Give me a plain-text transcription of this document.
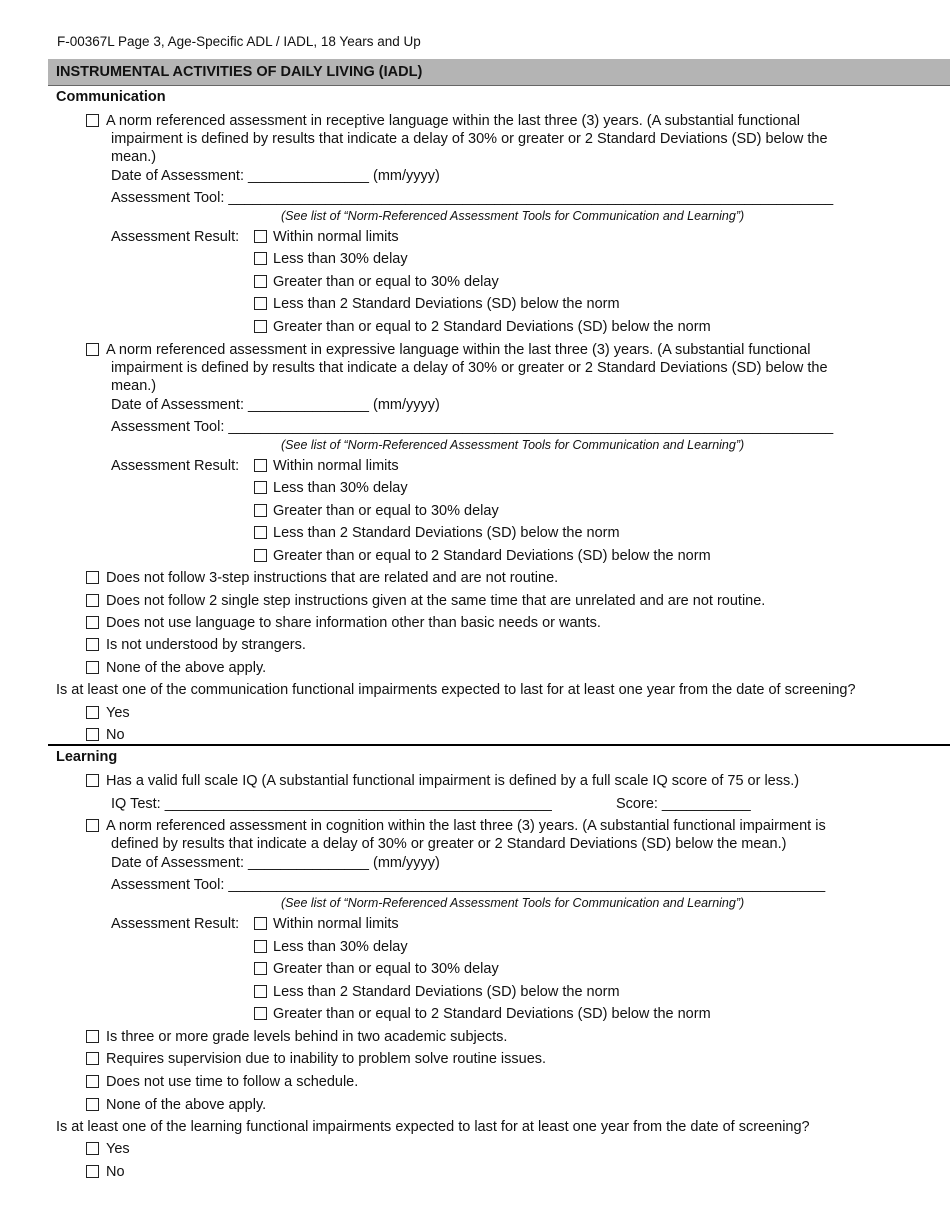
F-00367L Page 3, Age-Specific ADL / IADL, 18 Years and Up
INSTRUMENTAL ACTIVITIES OF DAILY LIVING (IADL)
Communication
A norm referenced assessment in receptive language within the last three (3) years. (A substantial functional
impairment is defined by results that indicate a delay of 30% or greater or 2 Standard Deviations (SD) below the
mean.)
Date of Assessment: _______________ (mm/yyyy)
Assessment Tool: ___________________________________________________________________________
(See list of “Norm-Referenced Assessment Tools for Communication and Learning”)
Assessment Result: Within normal limits
Less than 30% delay
Greater than or equal to 30% delay
Less than 2 Standard Deviations (SD) below the norm
Greater than or equal to 2 Standard Deviations (SD) below the norm
A norm referenced assessment in expressive language within the last three (3) years. (A substantial functional
impairment is defined by results that indicate a delay of 30% or greater or 2 Standard Deviations (SD) below the
mean.)
Date of Assessment: _______________ (mm/yyyy)
Assessment Tool: ___________________________________________________________________________
(See list of “Norm-Referenced Assessment Tools for Communication and Learning”)
Assessment Result: Within normal limits
Less than 30% delay
Greater than or equal to 30% delay
Less than 2 Standard Deviations (SD) below the norm
Greater than or equal to 2 Standard Deviations (SD) below the norm
Does not follow 3-step instructions that are related and are not routine.
Does not follow 2 single step instructions given at the same time that are unrelated and are not routine.
Does not use language to share information other than basic needs or wants.
Is not understood by strangers.
None of the above apply.
Is at least one of the communication functional impairments expected to last for at least one year from the date of screening?
Yes
No
Learning
Has a valid full scale IQ (A substantial functional impairment is defined by a full scale IQ score of 75 or less.)
IQ Test: ________________________________________________	Score: ___________
A norm referenced assessment in cognition within the last three (3) years. (A substantial functional impairment is
defined by results that indicate a delay of 30% or greater or 2 Standard Deviations (SD) below the mean.)
Date of Assessment: _______________ (mm/yyyy)
Assessment Tool: __________________________________________________________________________
(See list of “Norm-Referenced Assessment Tools for Communication and Learning”)
Assessment Result: Within normal limits
Less than 30% delay
Greater than or equal to 30% delay
Less than 2 Standard Deviations (SD) below the norm
Greater than or equal to 2 Standard Deviations (SD) below the norm
Is three or more grade levels behind in two academic subjects.
Requires supervision due to inability to problem solve routine issues.
Does not use time to follow a schedule.
None of the above apply.
Is at least one of the learning functional impairments expected to last for at least one year from the date of screening?
Yes
No
